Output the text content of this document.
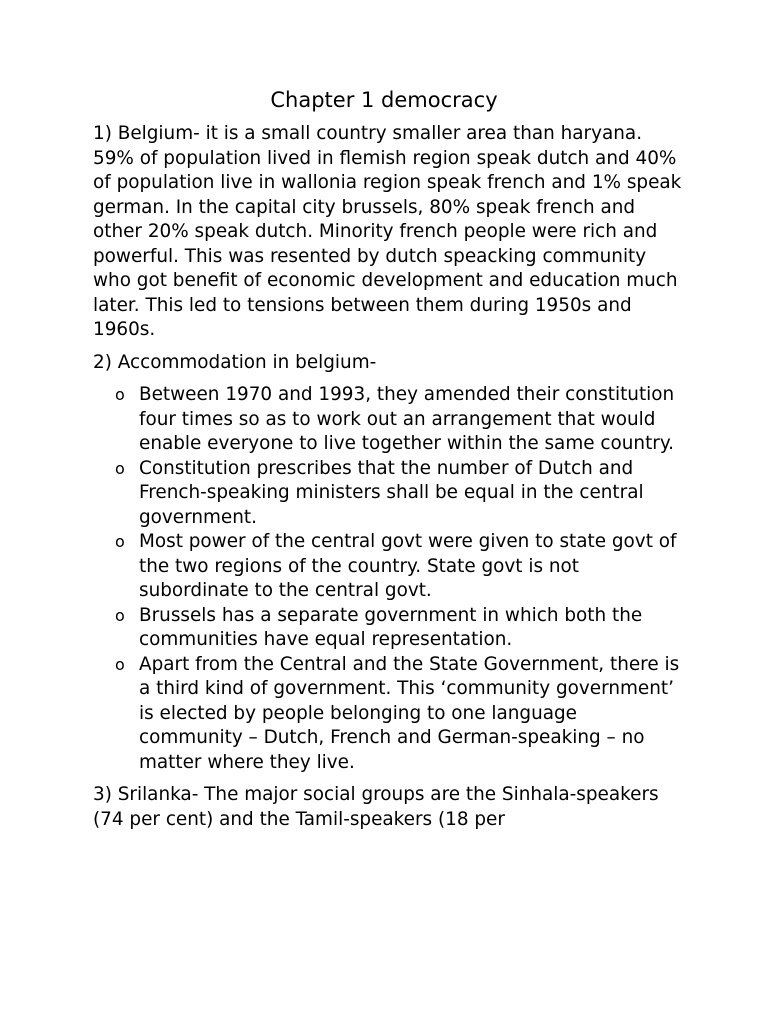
Chapter 1 democracy

1) Belgium- it is a small country smaller area than haryana. 59% of population lived in flemish region speak dutch and 40% of population live in wallonia region speak french and 1% speak german. In the capital city brussels, 80% speak french and other 20% speak dutch. Minority french people were rich and powerful. This was resented by dutch speacking community who got benefit of economic development and education much later. This led to tensions between them during 1950s and 1960s.

2) Accommodation in belgium-

o Between 1970 and 1993, they amended their constitution four times so as to work out an arrangement that would enable everyone to live together within the same country.
o Constitution prescribes that the number of Dutch and French-speaking ministers shall be equal in the central government.
o Most power of the central govt were given to state govt of the two regions of the country. State govt is not subordinate to the central govt.
o Brussels has a separate government in which both the communities have equal representation.
o Apart from the Central and the State Government, there is a third kind of government. This ‘community government’ is elected by people belonging to one language community – Dutch, French and German-speaking – no matter where they live.

3) Srilanka- The major social groups are the Sinhala-speakers (74 per cent) and the Tamil-speakers (18 per
